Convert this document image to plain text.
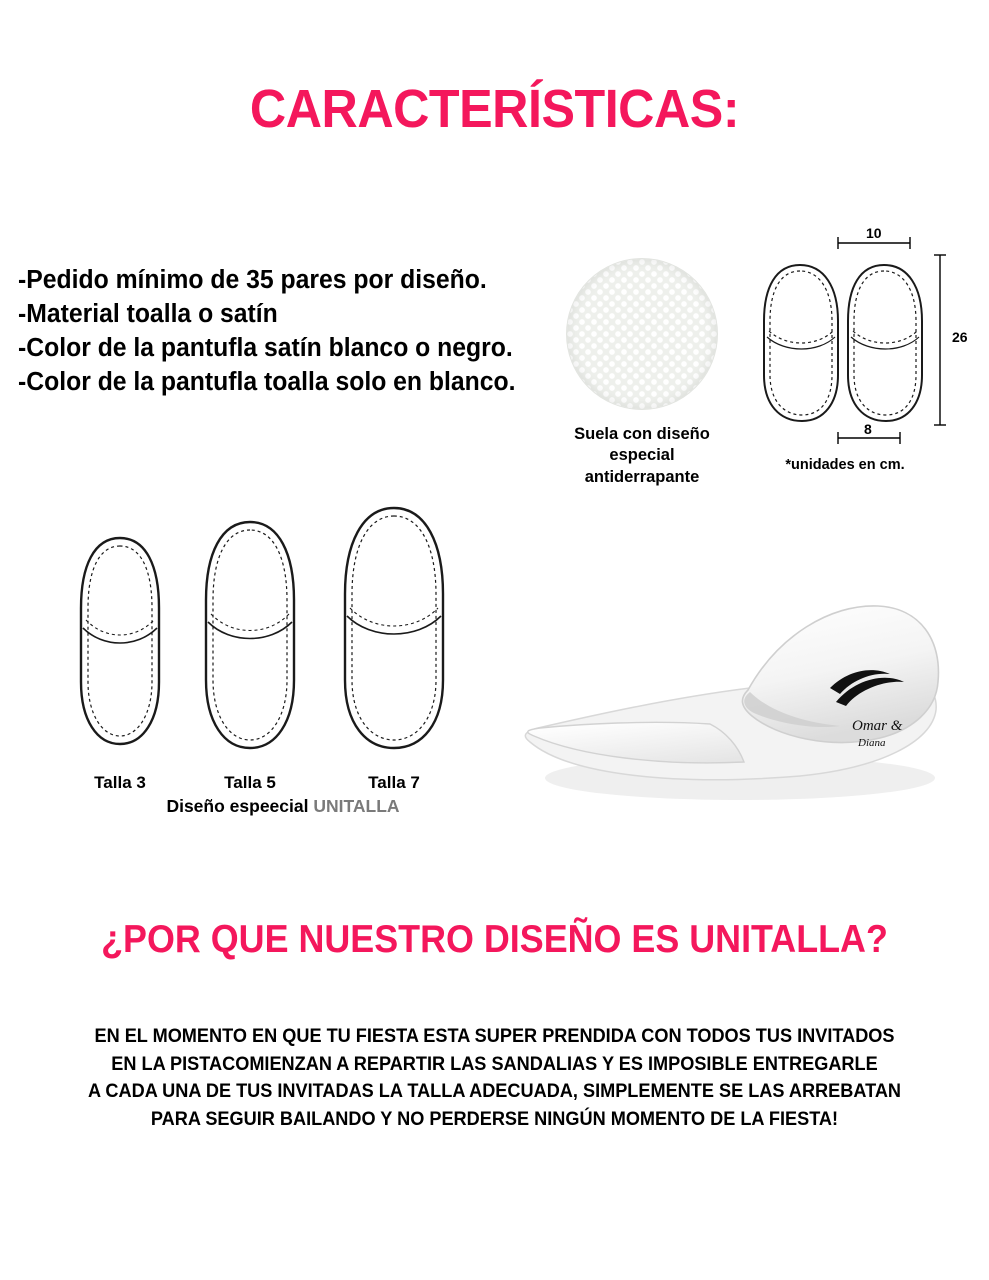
CARACTERÍSTICAS:
-Pedido mínimo de 35 pares por diseño.
-Material toalla o satín
-Color de la pantufla satín blanco o negro.
-Color de la pantufla toalla solo en blanco.
Suela con diseño
especial antiderrapante
10
26
8
*unidades en cm.
Talla 3	Talla 5	Talla 7
Diseño espeecial UNITALLA
Omar &
Diana
¿POR QUE NUESTRO DISEÑO ES UNITALLA?
EN EL MOMENTO EN QUE TU FIESTA ESTA SUPER PRENDIDA CON TODOS TUS INVITADOS
EN LA PISTACOMIENZAN A REPARTIR LAS SANDALIAS Y ES IMPOSIBLE ENTREGARLE
A CADA UNA DE TUS INVITADAS LA TALLA ADECUADA, SIMPLEMENTE SE LAS ARREBATAN
PARA SEGUIR BAILANDO Y NO PERDERSE NINGÚN MOMENTO DE LA FIESTA!
